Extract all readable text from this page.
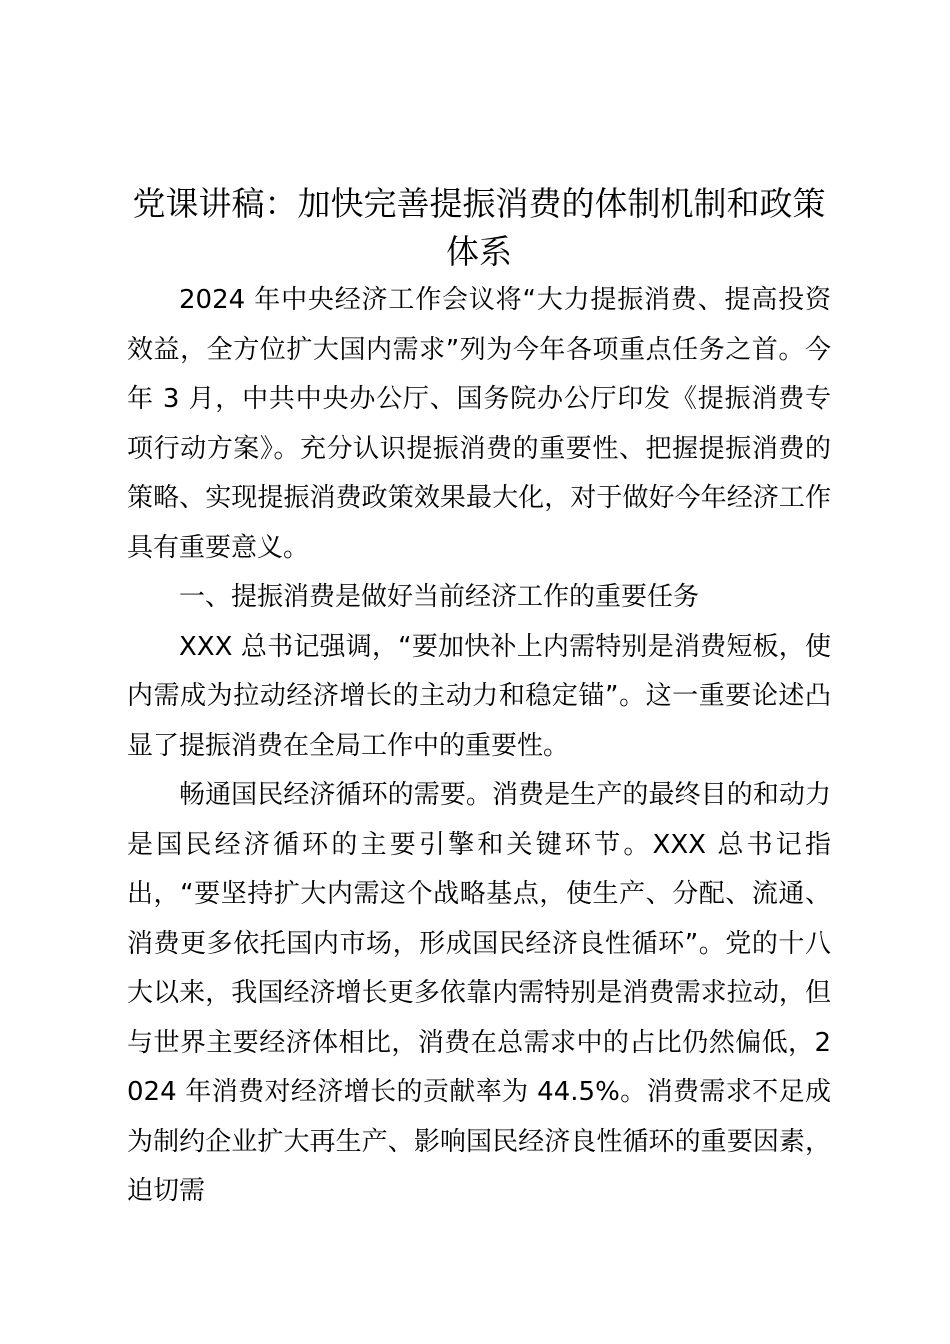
党课讲稿：加快完善提振消费的体制机制和政策体系

2024 年中央经济工作会议将“大力提振消费、提高投资效益，全方位扩大国内需求”列为今年各项重点任务之首。今年 3 月，中共中央办公厅、国务院办公厅印发《提振消费专项行动方案》。充分认识提振消费的重要性、把握提振消费的策略、实现提振消费政策效果最大化，对于做好今年经济工作具有重要意义。

一、提振消费是做好当前经济工作的重要任务

XXX 总书记强调，“要加快补上内需特别是消费短板，使内需成为拉动经济增长的主动力和稳定锚”。这一重要论述凸显了提振消费在全局工作中的重要性。

畅通国民经济循环的需要。消费是生产的最终目的和动力是国民经济循环的主要引擎和关键环节。XXX 总书记指出，“要坚持扩大内需这个战略基点，使生产、分配、流通、消费更多依托国内市场，形成国民经济良性循环”。党的十八大以来，我国经济增长更多依靠内需特别是消费需求拉动，但与世界主要经济体相比，消费在总需求中的占比仍然偏低，2024 年消费对经济增长的贡献率为 44.5%。消费需求不足成为制约企业扩大再生产、影响国民经济良性循环的重要因素，迫切需
